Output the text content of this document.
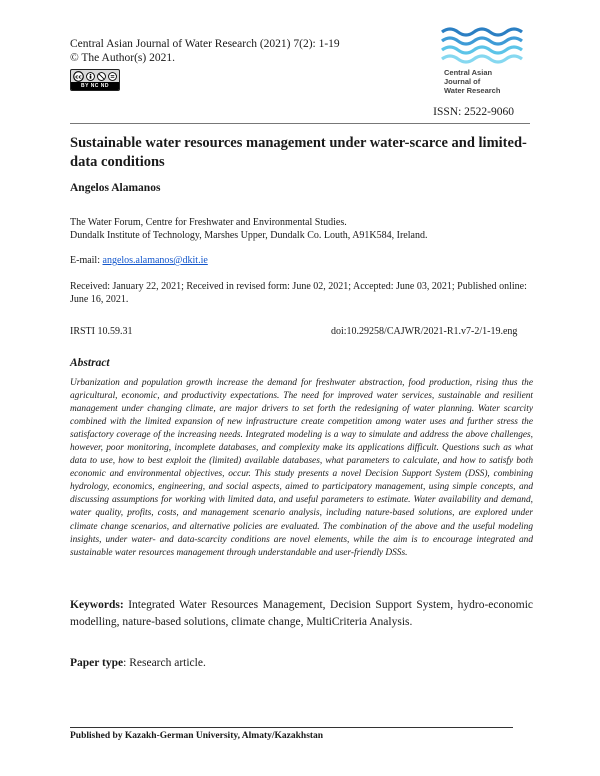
Central Asian Journal of Water Research (2021) 7(2): 1-19
© The Author(s) 2021.
cc
BY NC ND
Central Asian
Journal of
Water Research
ISSN: 2522-9060
Sustainable water resources management under water-scarce and limited-data conditions
Angelos Alamanos
The Water Forum, Centre for Freshwater and Environmental Studies.
Dundalk Institute of Technology, Marshes Upper, Dundalk Co. Louth, A91K584, Ireland.
E-mail: angelos.alamanos@dkit.ie
Received: January 22, 2021; Received in revised form: June 02, 2021; Accepted: June 03, 2021; Published online: June 16, 2021.
IRSTI 10.59.31	doi:10.29258/CAJWR/2021-R1.v7-2/1-19.eng
Abstract
Urbanization and population growth increase the demand for freshwater abstraction, food production, rising thus the agricultural, economic, and productivity expectations. The need for improved water services, sustainable and resilient management under changing climate, are major drivers to set forth the redesigning of water planning. Water scarcity combined with the limited expansion of new infrastructure create competition among water uses and further stress the satisfactory coverage of the increasing needs. Integrated modeling is a way to simulate and address the above challenges, however, poor monitoring, incomplete databases, and complexity make its applications difficult. Questions such as what data to use, how to best exploit the (limited) available databases, what parameters to calculate, and how to satisfy both economic and environmental objectives, occur. This study presents a novel Decision Support System (DSS), combining hydrology, economics, engineering, and social aspects, aimed to participatory management, using simple concepts, and discussing assumptions for working with limited data, and useful parameters to estimate. Water availability and demand, water quality, profits, costs, and management scenario analysis, including nature-based solutions, are explored under climate change scenarios, and alternative policies are evaluated. The combination of the above and the useful modeling insights, under water- and data-scarcity conditions are novel elements, while the aim is to encourage integrated and sustainable water resources management through understandable and user-friendly DSSs.
Keywords: Integrated Water Resources Management, Decision Support System, hydro-economic modelling, nature-based solutions, climate change, MultiCriteria Analysis.
Paper type: Research article.
Published by Kazakh-German University, Almaty/Kazakhstan
